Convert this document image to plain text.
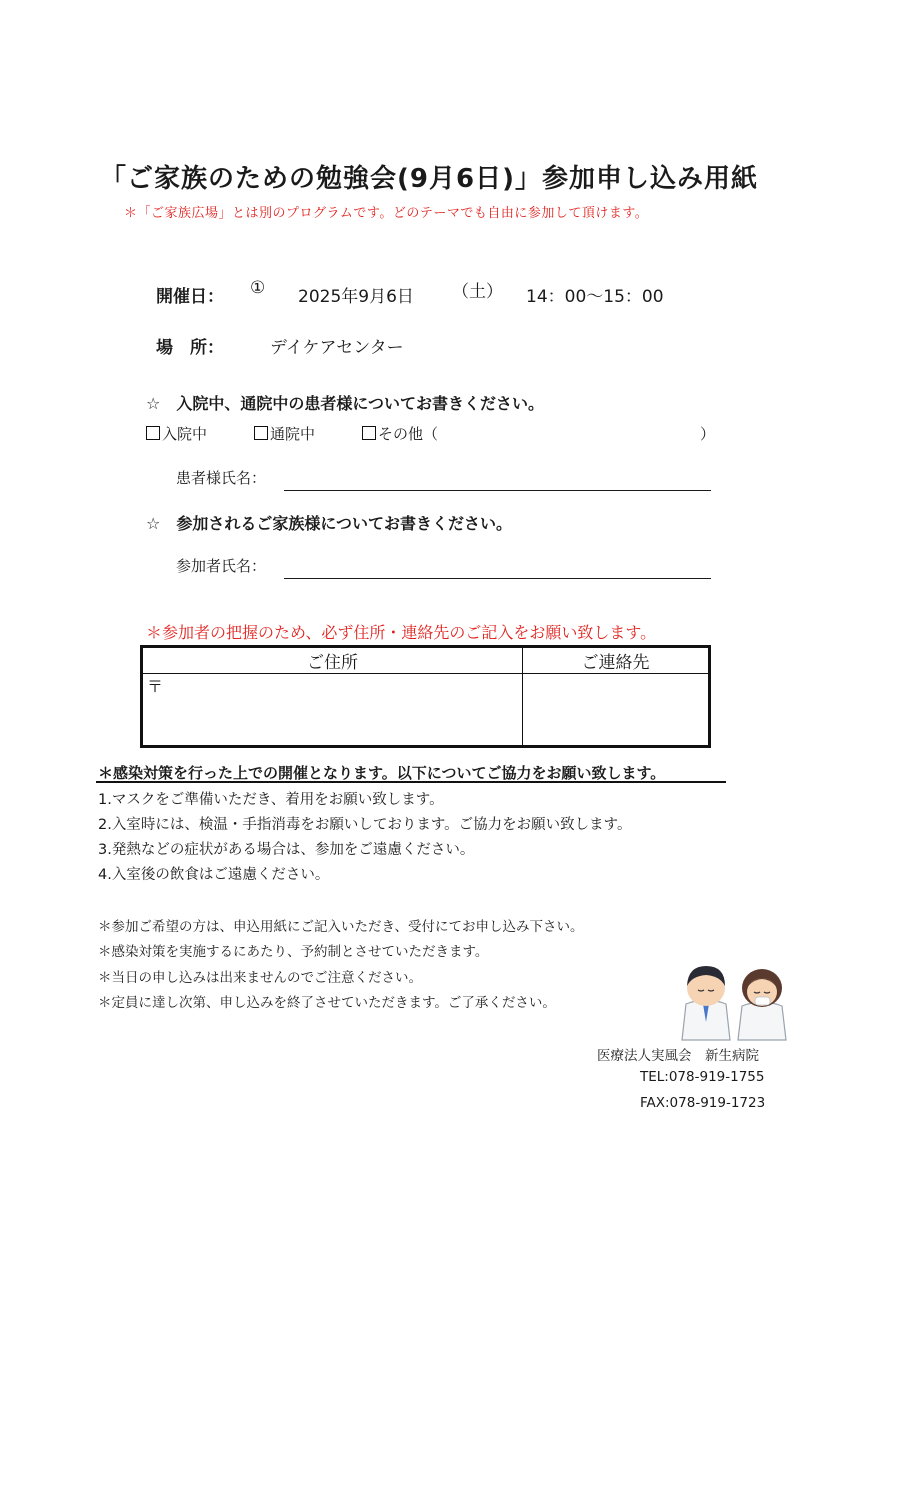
「ご家族のための勉強会(9月6日)」参加申し込み用紙
＊「ご家族広場」とは別のプログラムです。どのテーマでも自由に参加して頂けます。
開催日： ① 2025年9月6日 （土） 14：00～15：00
場　所：	デイケアセンター
☆　入院中、通院中の患者様についてお書きください。
入院中	通院中	その他（	）
患者様氏名：
☆　参加されるご家族様についてお書きください。
参加者氏名：
＊参加者の把握のため、必ず住所・連絡先のご記入をお願い致します。
ご住所	ご連絡先
〒	
＊感染対策を行った上での開催となります。以下についてご協力をお願い致します。
1.マスクをご準備いただき、着用をお願い致します。
2.入室時には、検温・手指消毒をお願いしております。ご協力をお願い致します。
3.発熱などの症状がある場合は、参加をご遠慮ください。
4.入室後の飲食はご遠慮ください。
＊参加ご希望の方は、申込用紙にご記入いただき、受付にてお申し込み下さい。
＊感染対策を実施するにあたり、予約制とさせていただきます。
＊当日の申し込みは出来ませんのでご注意ください。
＊定員に達し次第、申し込みを終了させていただきます。ご了承ください。
医療法人実風会　新生病院
TEL:078-919-1755
FAX:078-919-1723
